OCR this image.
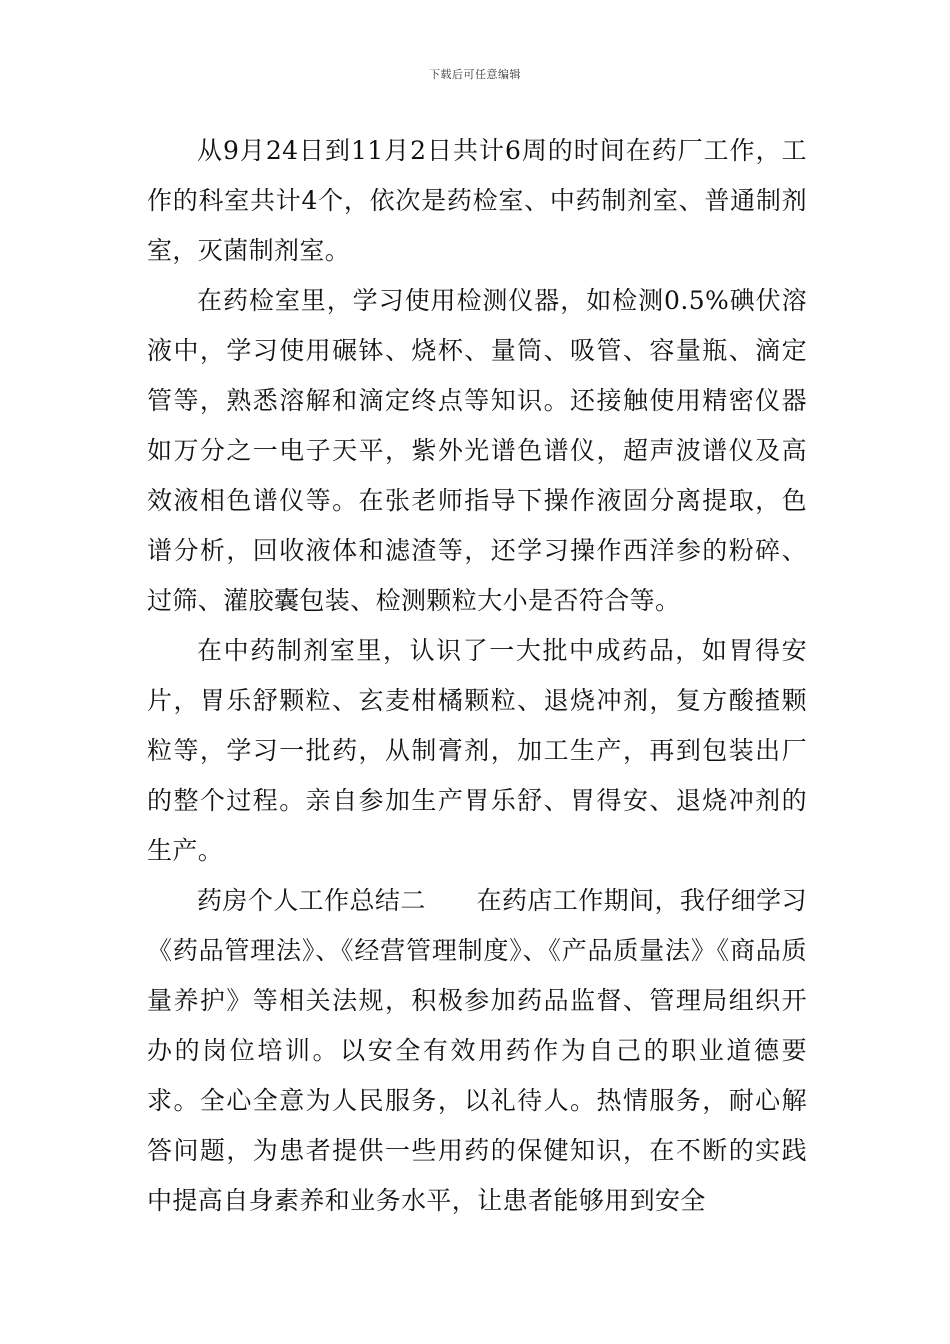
下载后可任意编辑

从9月24日到11月2日共计6周的时间在药厂工作，工作的科室共计4个，依次是药检室、中药制剂室、普通制剂室，灭菌制剂室。

在药检室里，学习使用检测仪器，如检测0.5%碘伏溶液中，学习使用碾钵、烧杯、量筒、吸管、容量瓶、滴定管等，熟悉溶解和滴定终点等知识。还接触使用精密仪器如万分之一电子天平，紫外光谱色谱仪，超声波谱仪及高效液相色谱仪等。在张老师指导下操作液固分离提取，色谱分析，回收液体和滤渣等，还学习操作西洋参的粉碎、过筛、灌胶囊包装、检测颗粒大小是否符合等。

在中药制剂室里，认识了一大批中成药品，如胃得安片，胃乐舒颗粒、玄麦柑橘颗粒、退烧冲剂，复方酸揸颗粒等，学习一批药，从制膏剂，加工生产，再到包装出厂的整个过程。亲自参加生产胃乐舒、胃得安、退烧冲剂的生产。

药房个人工作总结二　　在药店工作期间，我仔细学习《药品管理法》、《经营管理制度》、《产品质量法》《商品质量养护》等相关法规，积极参加药品监督、管理局组织开办的岗位培训。以安全有效用药作为自己的职业道德要求。全心全意为人民服务，以礼待人。热情服务，耐心解答问题，为患者提供一些用药的保健知识，在不断的实践中提高自身素养和业务水平，让患者能够用到安全
